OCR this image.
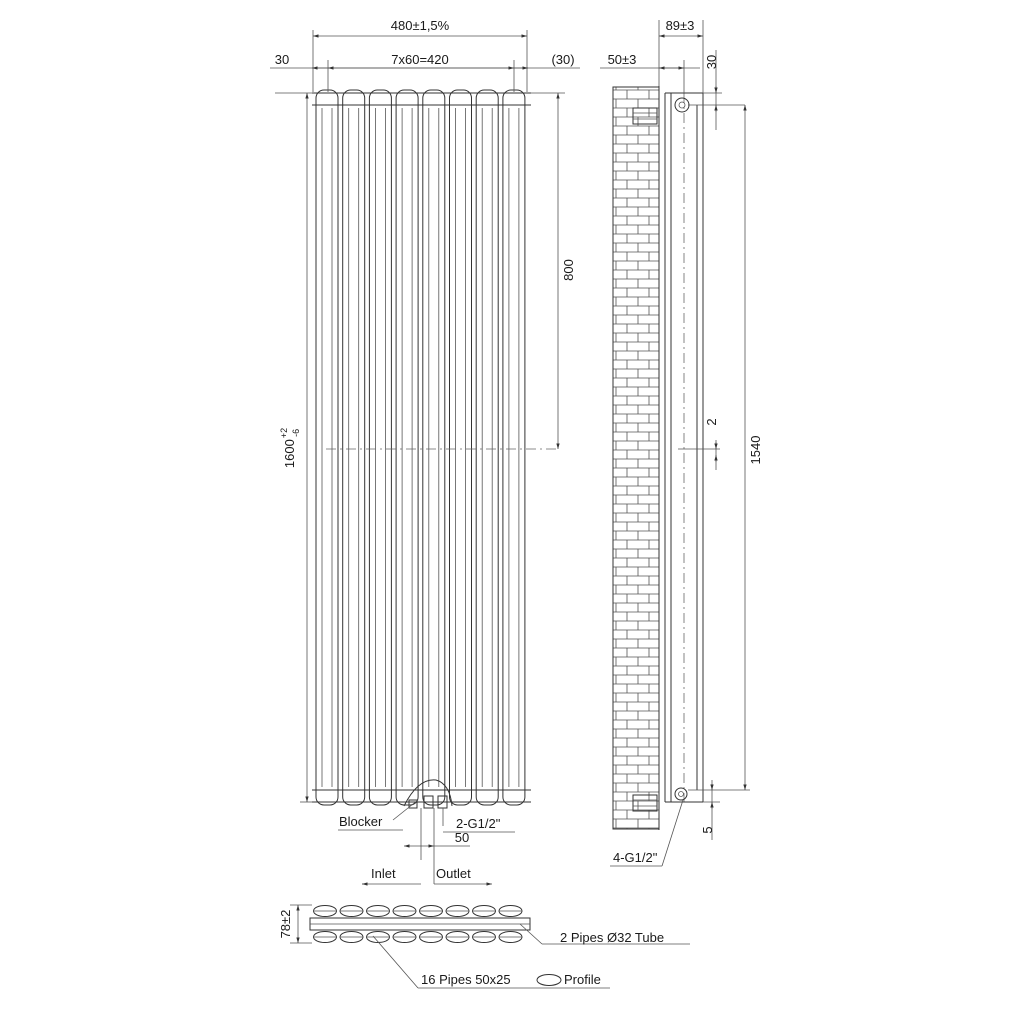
480±1,5%
7x60=420
30	(30)
$1600^{+2}$ -6
800
Blocker	2-G1/2"
50
Inlet	Outlet
89±3
50±3	30
2
1540
5
4-G1/2"
78±2	2 Pipes Ø32 Tube
16 Pipes 50x25	Profile
